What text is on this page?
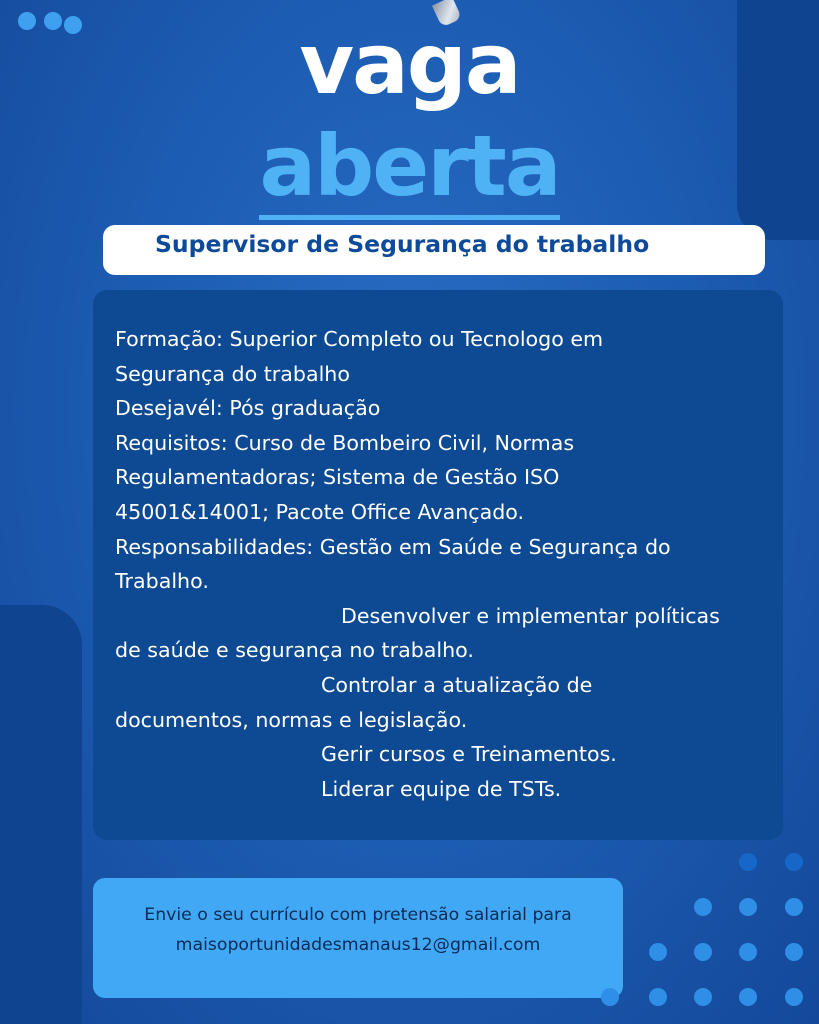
vaga
aberta
Supervisor de Segurança do trabalho

Formação: Superior Completo ou Tecnologo em

Segurança do trabalho

Desejavél: Pós graduação

Requisitos: Curso de Bombeiro Civil, Normas

Regulamentadoras; Sistema de Gestão ISO

45001&14001; Pacote Office Avançado.

Responsabilidades: Gestão em Saúde e Segurança do

Trabalho.

Desenvolver e implementar políticas

de saúde e segurança no trabalho.

Controlar a atualização de

documentos, normas e legislação.

Gerir cursos e Treinamentos.

Liderar equipe de TSTs.

Envie o seu currículo com pretensão salarial para

maisoportunidadesmanaus12@gmail.com
